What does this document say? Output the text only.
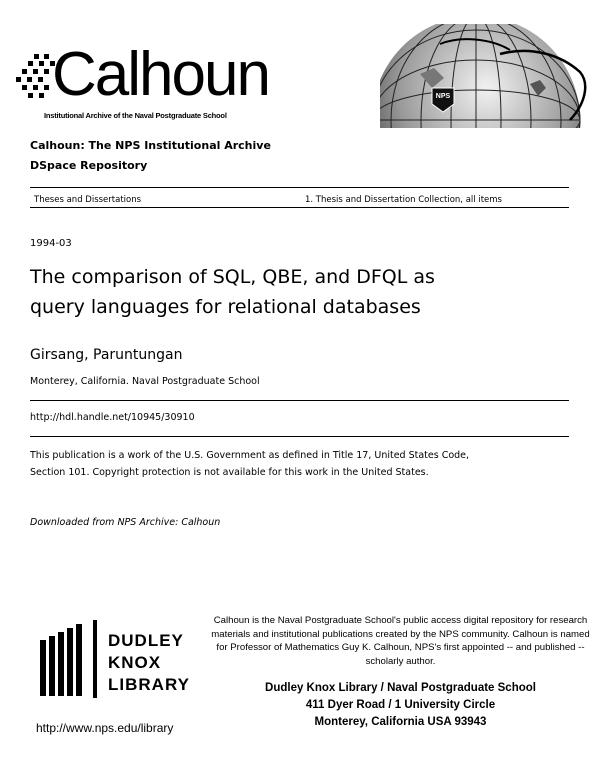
Calhoun
Institutional Archive of the Naval Postgraduate School
NPS
Calhoun: The NPS Institutional Archive
DSpace Repository
Theses and Dissertations	1. Thesis and Dissertation Collection, all items
1994-03
The comparison of SQL, QBE, and DFQL as query languages for relational databases
Girsang, Paruntungan
Monterey, California. Naval Postgraduate School
http://hdl.handle.net/10945/30910
This publication is a work of the U.S. Government as defined in Title 17, United States Code, Section 101. Copyright protection is not available for this work in the United States.
Downloaded from NPS Archive: Calhoun
DUDLEY
KNOX
LIBRARY
Calhoun is the Naval Postgraduate School's public access digital repository for research materials and institutional publications created by the NPS community. Calhoun is named for Professor of Mathematics Guy K. Calhoun, NPS's first appointed -- and published -- scholarly author.
Dudley Knox Library / Naval Postgraduate School
411 Dyer Road / 1 University Circle
Monterey, California USA 93943
http://www.nps.edu/library
